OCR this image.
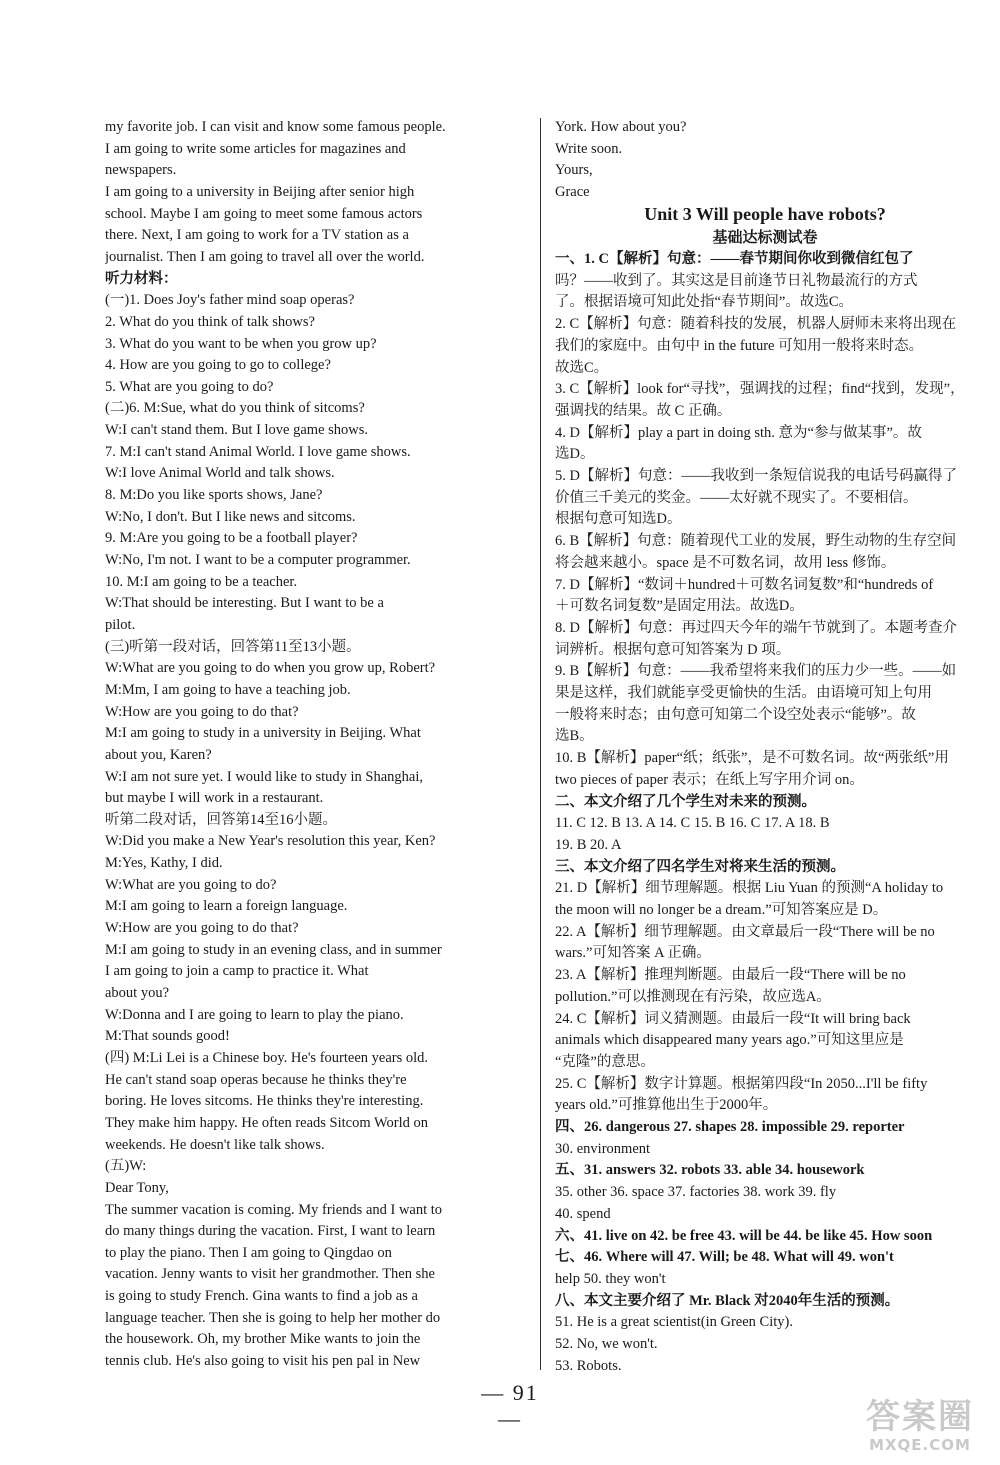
my favorite job. I can visit and know some famous people.
I am going to write some articles for magazines and
newspapers.
I am going to a university in Beijing after senior high
school. Maybe I am going to meet some famous actors
there. Next, I am going to work for a TV station as a
journalist. Then I am going to travel all over the world.
听力材料：
(一)1. Does Joy's father mind soap operas?
2. What do you think of talk shows?
3. What do you want to be when you grow up?
4. How are you going to go to college?
5. What are you going to do?
(二)6. M:Sue, what do you think of sitcoms?
W:I can't stand them. But I love game shows.
7. M:I can't stand Animal World. I love game shows.
W:I love Animal World and talk shows.
8. M:Do you like sports shows, Jane?
W:No, I don't. But I like news and sitcoms.
9. M:Are you going to be a football player?
W:No, I'm not. I want to be a computer programmer.
10. M:I am going to be a teacher.
W:That should be interesting. But I want to be a
pilot.
(三)听第一段对话，回答第11至13小题。
W:What are you going to do when you grow up, Robert?
M:Mm, I am going to have a teaching job.
W:How are you going to do that?
M:I am going to study in a university in Beijing. What
about you, Karen?
W:I am not sure yet. I would like to study in Shanghai,
but maybe I will work in a restaurant.
听第二段对话，回答第14至16小题。
W:Did you make a New Year's resolution this year, Ken?
M:Yes, Kathy, I did.
W:What are you going to do?
M:I am going to learn a foreign language.
W:How are you going to do that?
M:I am going to study in an evening class, and in summer
I am going to join a camp to practice it. What
about you?
W:Donna and I are going to learn to play the piano.
M:That sounds good!
(四) M:Li Lei is a Chinese boy. He's fourteen years old.
He can't stand soap operas because he thinks they're
boring. He loves sitcoms. He thinks they're interesting.
They make him happy. He often reads Sitcom World on
weekends. He doesn't like talk shows.
(五)W:
Dear Tony,
The summer vacation is coming. My friends and I want to
do many things during the vacation. First, I want to learn
to play the piano. Then I am going to Qingdao on
vacation. Jenny wants to visit her grandmother. Then she
is going to study French. Gina wants to find a job as a
language teacher. Then she is going to help her mother do
the housework. Oh, my brother Mike wants to join the
tennis club. He's also going to visit his pen pal in New
York. How about you?
Write soon.
Yours,
Grace
Unit 3 Will people have robots?
基础达标测试卷
一、1. C【解析】句意：——春节期间你收到微信红包了
吗？——收到了。其实这是目前逢节日礼物最流行的方式
了。根据语境可知此处指“春节期间”。故选C。
2. C【解析】句意：随着科技的发展，机器人厨师未来将出现在
我们的家庭中。由句中 in the future 可知用一般将来时态。
故选C。
3. C【解析】look for“寻找”，强调找的过程；find“找到，发现”，
强调找的结果。故 C 正确。
4. D【解析】play a part in doing sth. 意为“参与做某事”。故
选D。
5. D【解析】句意：——我收到一条短信说我的电话号码赢得了
价值三千美元的奖金。——太好就不现实了。不要相信。
根据句意可知选D。
6. B【解析】句意：随着现代工业的发展，野生动物的生存空间
将会越来越小。space 是不可数名词，故用 less 修饰。
7. D【解析】“数词＋hundred＋可数名词复数”和“hundreds of
＋可数名词复数”是固定用法。故选D。
8. D【解析】句意：再过四天今年的端午节就到了。本题考查介
词辨析。根据句意可知答案为 D 项。
9. B【解析】句意：——我希望将来我们的压力少一些。——如
果是这样，我们就能享受更愉快的生活。由语境可知上句用
一般将来时态；由句意可知第二个设空处表示“能够”。故
选B。
10. B【解析】paper“纸；纸张”，是不可数名词。故“两张纸”用
two pieces of paper 表示；在纸上写字用介词 on。
二、本文介绍了几个学生对未来的预测。
11. C 12. B 13. A 14. C 15. B 16. C 17. A 18. B
19. B 20. A
三、本文介绍了四名学生对将来生活的预测。
21. D【解析】细节理解题。根据 Liu Yuan 的预测“A holiday to
the moon will no longer be a dream.”可知答案应是 D。
22. A【解析】细节理解题。由文章最后一段“There will be no
wars.”可知答案 A 正确。
23. A【解析】推理判断题。由最后一段“There will be no
pollution.”可以推测现在有污染，故应选A。
24. C【解析】词义猜测题。由最后一段“It will bring back
animals which disappeared many years ago.”可知这里应是
“克隆”的意思。
25. C【解析】数字计算题。根据第四段“In 2050...I'll be fifty
years old.”可推算他出生于2000年。
四、26. dangerous 27. shapes 28. impossible 29. reporter
30. environment
五、31. answers 32. robots 33. able 34. housework
35. other 36. space 37. factories 38. work 39. fly
40. spend
六、41. live on 42. be free 43. will be 44. be like 45. How soon
七、46. Where will 47. Will; be 48. What will 49. won't
help 50. they won't
八、本文主要介绍了 Mr. Black 对2040年生活的预测。
51. He is a great scientist(in Green City).
52. No, we won't.
53. Robots.
— 91 —	答案圈
MXQE.COM
